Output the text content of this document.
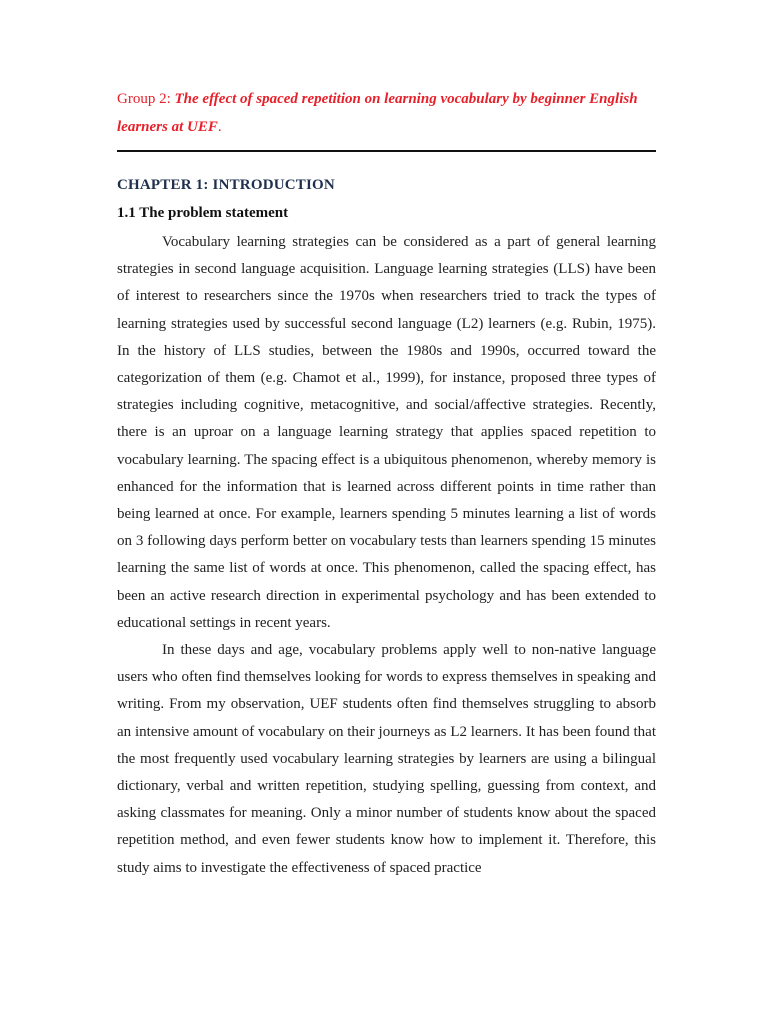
Group 2: The effect of spaced repetition on learning vocabulary by beginner English learners at UEF.
CHAPTER 1: INTRODUCTION
1.1 The problem statement

Vocabulary learning strategies can be considered as a part of general learning strategies in second language acquisition. Language learning strategies (LLS) have been of interest to researchers since the 1970s when researchers tried to track the types of learning strategies used by successful second language (L2) learners (e.g. Rubin, 1975). In the history of LLS studies, between the 1980s and 1990s, occurred toward the categorization of them (e.g. Chamot et al., 1999), for instance, proposed three types of strategies including cognitive, metacognitive, and social/affective strategies. Recently, there is an uproar on a language learning strategy that applies spaced repetition to vocabulary learning. The spacing effect is a ubiquitous phenomenon, whereby memory is enhanced for the information that is learned across different points in time rather than being learned at once. For example, learners spending 5 minutes learning a list of words on 3 following days perform better on vocabulary tests than learners spending 15 minutes learning the same list of words at once. This phenomenon, called the spacing effect, has been an active research direction in experimental psychology and has been extended to educational settings in recent years.

In these days and age, vocabulary problems apply well to non-native language users who often find themselves looking for words to express themselves in speaking and writing. From my observation, UEF students often find themselves struggling to absorb an intensive amount of vocabulary on their journeys as L2 learners. It has been found that the most frequently used vocabulary learning strategies by learners are using a bilingual dictionary, verbal and written repetition, studying spelling, guessing from context, and asking classmates for meaning. Only a minor number of students know about the spaced repetition method, and even fewer students know how to implement it. Therefore, this study aims to investigate the effectiveness of spaced practice
